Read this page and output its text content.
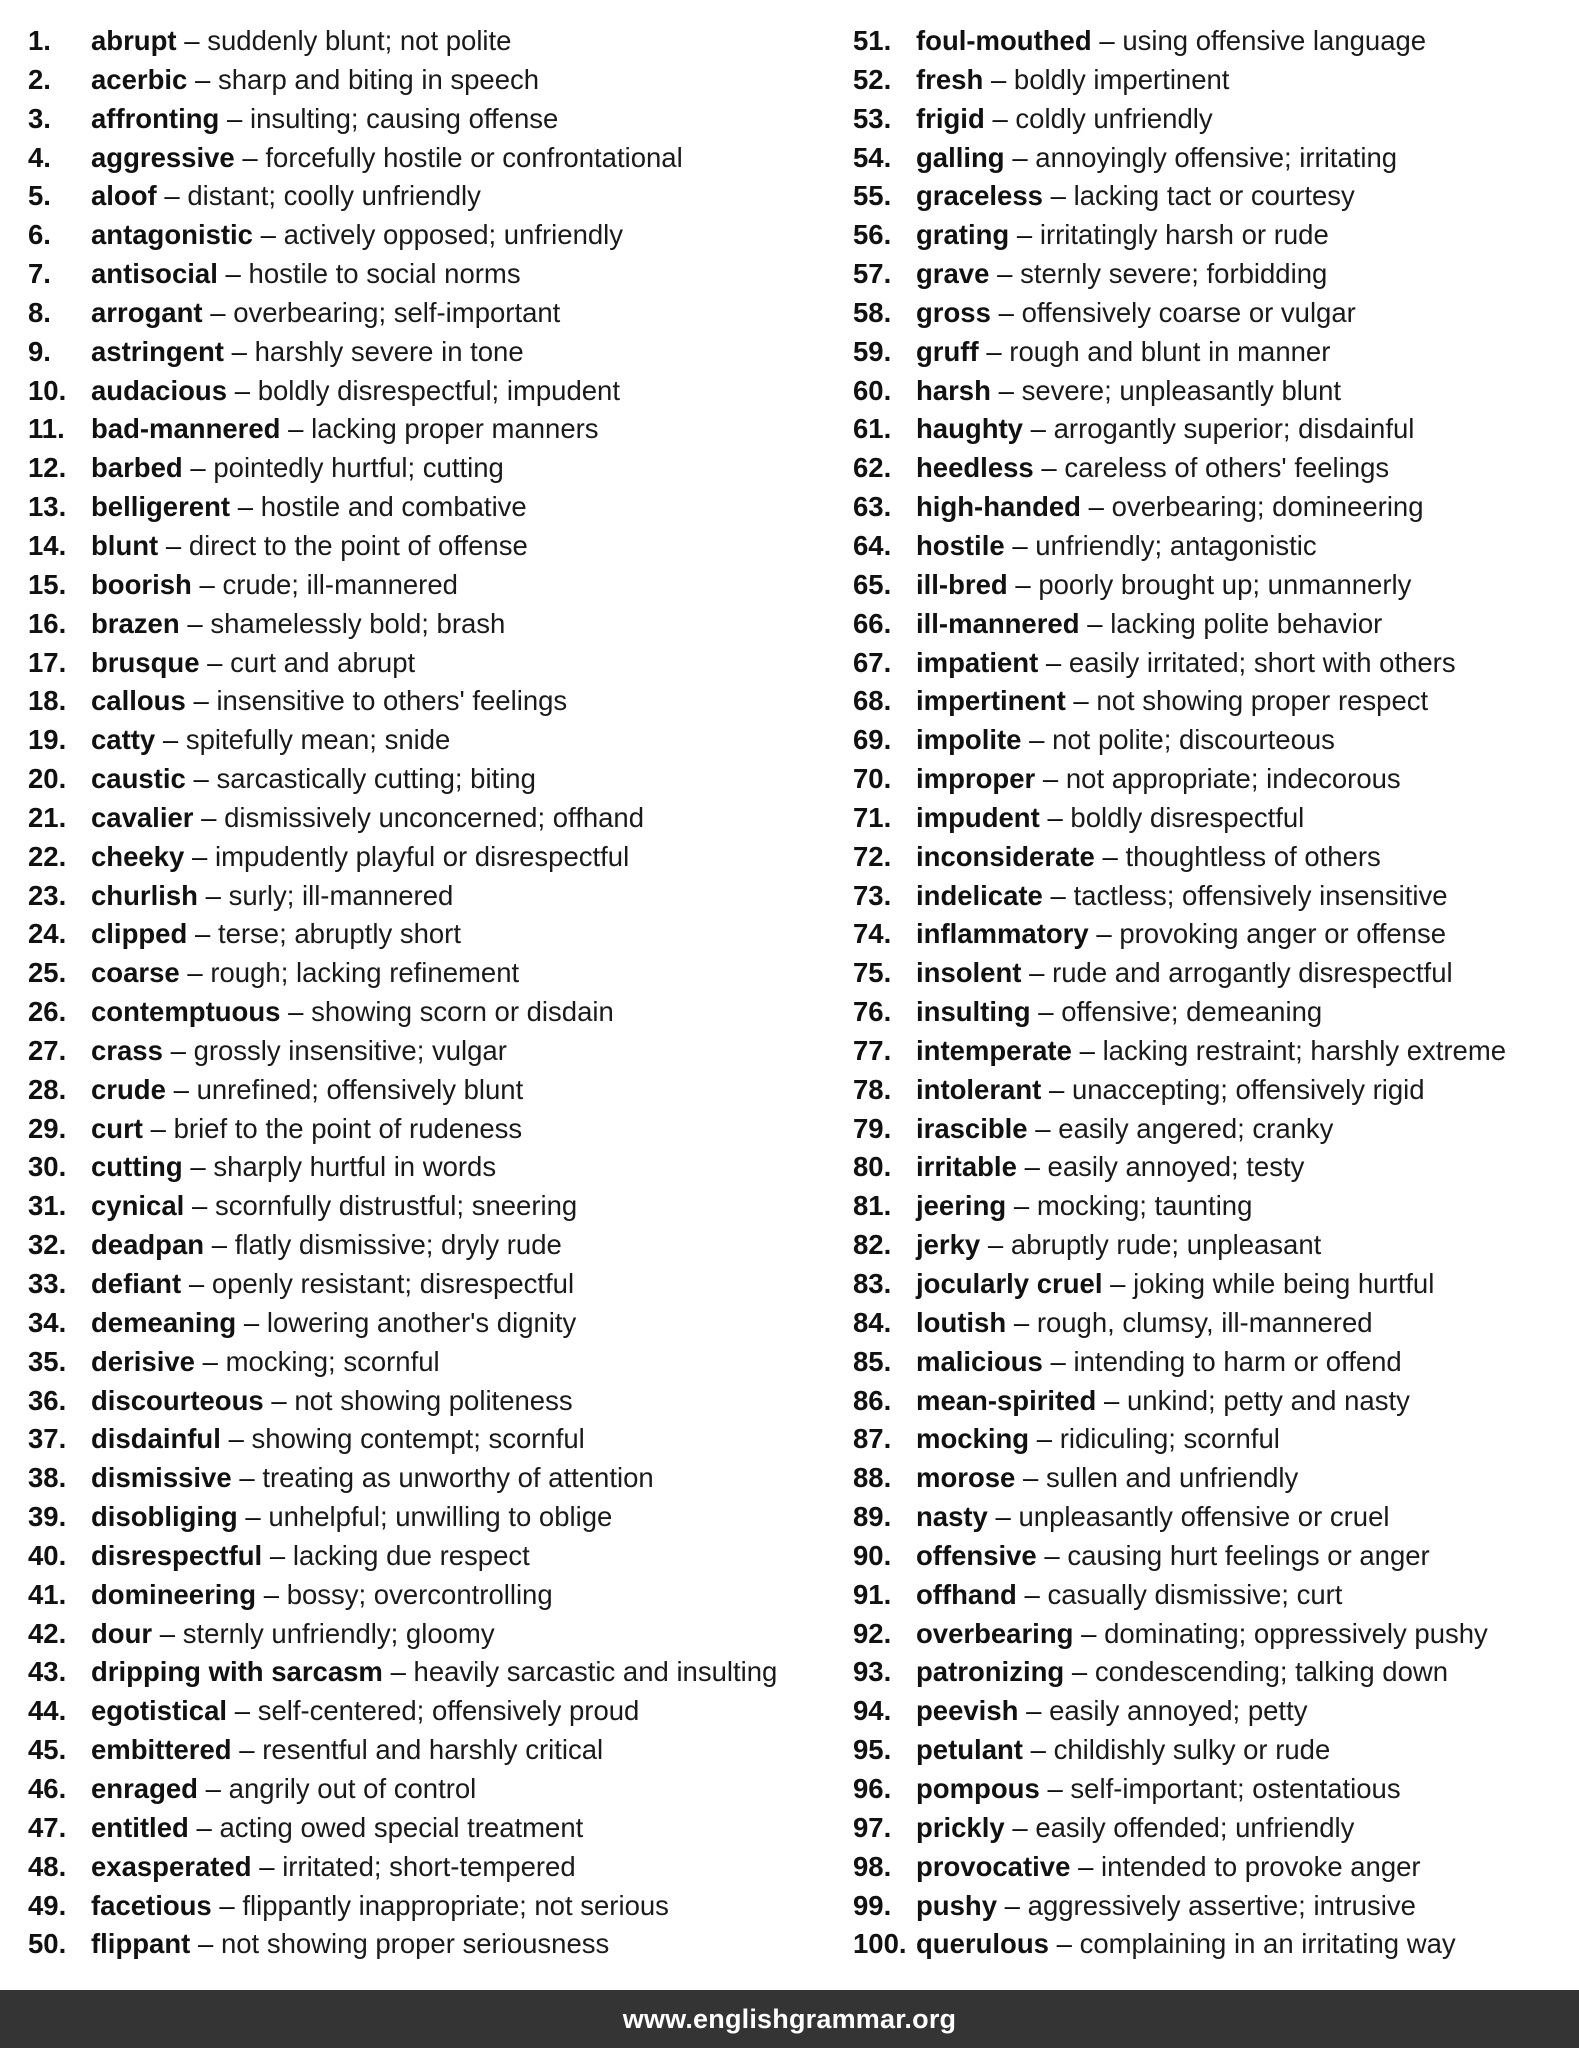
1.	abrupt – suddenly blunt; not polite
2.	acerbic – sharp and biting in speech
3.	affronting – insulting; causing offense
4.	aggressive – forcefully hostile or confrontational
5.	aloof – distant; coolly unfriendly
6.	antagonistic – actively opposed; unfriendly
7.	antisocial – hostile to social norms
8.	arrogant – overbearing; self-important
9.	astringent – harshly severe in tone
10. audacious – boldly disrespectful; impudent
11. bad-mannered – lacking proper manners
12. barbed – pointedly hurtful; cutting
13. belligerent – hostile and combative
14. blunt – direct to the point of offense
15. boorish – crude; ill-mannered
16. brazen – shamelessly bold; brash
17. brusque – curt and abrupt
18. callous – insensitive to others' feelings
19. catty – spitefully mean; snide
20. caustic – sarcastically cutting; biting
21. cavalier – dismissively unconcerned; offhand
22. cheeky – impudently playful or disrespectful
23. churlish – surly; ill-mannered
24. clipped – terse; abruptly short
25. coarse – rough; lacking refinement
26. contemptuous – showing scorn or disdain
27. crass – grossly insensitive; vulgar
28. crude – unrefined; offensively blunt
29. curt – brief to the point of rudeness
30. cutting – sharply hurtful in words
31. cynical – scornfully distrustful; sneering
32. deadpan – flatly dismissive; dryly rude
33. defiant – openly resistant; disrespectful
34. demeaning – lowering another's dignity
35. derisive – mocking; scornful
36. discourteous – not showing politeness
37. disdainful – showing contempt; scornful
38. dismissive – treating as unworthy of attention
39. disobliging – unhelpful; unwilling to oblige
40. disrespectful – lacking due respect
41. domineering – bossy; overcontrolling
42. dour – sternly unfriendly; gloomy
43. dripping with sarcasm – heavily sarcastic and insulting
44. egotistical – self-centered; offensively proud
45. embittered – resentful and harshly critical
46. enraged – angrily out of control
47. entitled – acting owed special treatment
48. exasperated – irritated; short-tempered
49. facetious – flippantly inappropriate; not serious
50. flippant – not showing proper seriousness
51. foul-mouthed – using offensive language
52. fresh – boldly impertinent
53. frigid – coldly unfriendly
54. galling – annoyingly offensive; irritating
55. graceless – lacking tact or courtesy
56. grating – irritatingly harsh or rude
57. grave – sternly severe; forbidding
58. gross – offensively coarse or vulgar
59. gruff – rough and blunt in manner
60. harsh – severe; unpleasantly blunt
61. haughty – arrogantly superior; disdainful
62. heedless – careless of others' feelings
63. high-handed – overbearing; domineering
64. hostile – unfriendly; antagonistic
65. ill-bred – poorly brought up; unmannerly
66. ill-mannered – lacking polite behavior
67. impatient – easily irritated; short with others
68. impertinent – not showing proper respect
69. impolite – not polite; discourteous
70. improper – not appropriate; indecorous
71. impudent – boldly disrespectful
72. inconsiderate – thoughtless of others
73. indelicate – tactless; offensively insensitive
74. inflammatory – provoking anger or offense
75. insolent – rude and arrogantly disrespectful
76. insulting – offensive; demeaning
77. intemperate – lacking restraint; harshly extreme
78. intolerant – unaccepting; offensively rigid
79. irascible – easily angered; cranky
80. irritable – easily annoyed; testy
81. jeering – mocking; taunting
82. jerky – abruptly rude; unpleasant
83. jocularly cruel – joking while being hurtful
84. loutish – rough, clumsy, ill-mannered
85. malicious – intending to harm or offend
86. mean-spirited – unkind; petty and nasty
87. mocking – ridiculing; scornful
88. morose – sullen and unfriendly
89. nasty – unpleasantly offensive or cruel
90. offensive – causing hurt feelings or anger
91. offhand – casually dismissive; curt
92. overbearing – dominating; oppressively pushy
93. patronizing – condescending; talking down
94. peevish – easily annoyed; petty
95. petulant – childishly sulky or rude
96. pompous – self-important; ostentatious
97. prickly – easily offended; unfriendly
98. provocative – intended to provoke anger
99. pushy – aggressively assertive; intrusive
100. querulous – complaining in an irritating way
www.englishgrammar.org
